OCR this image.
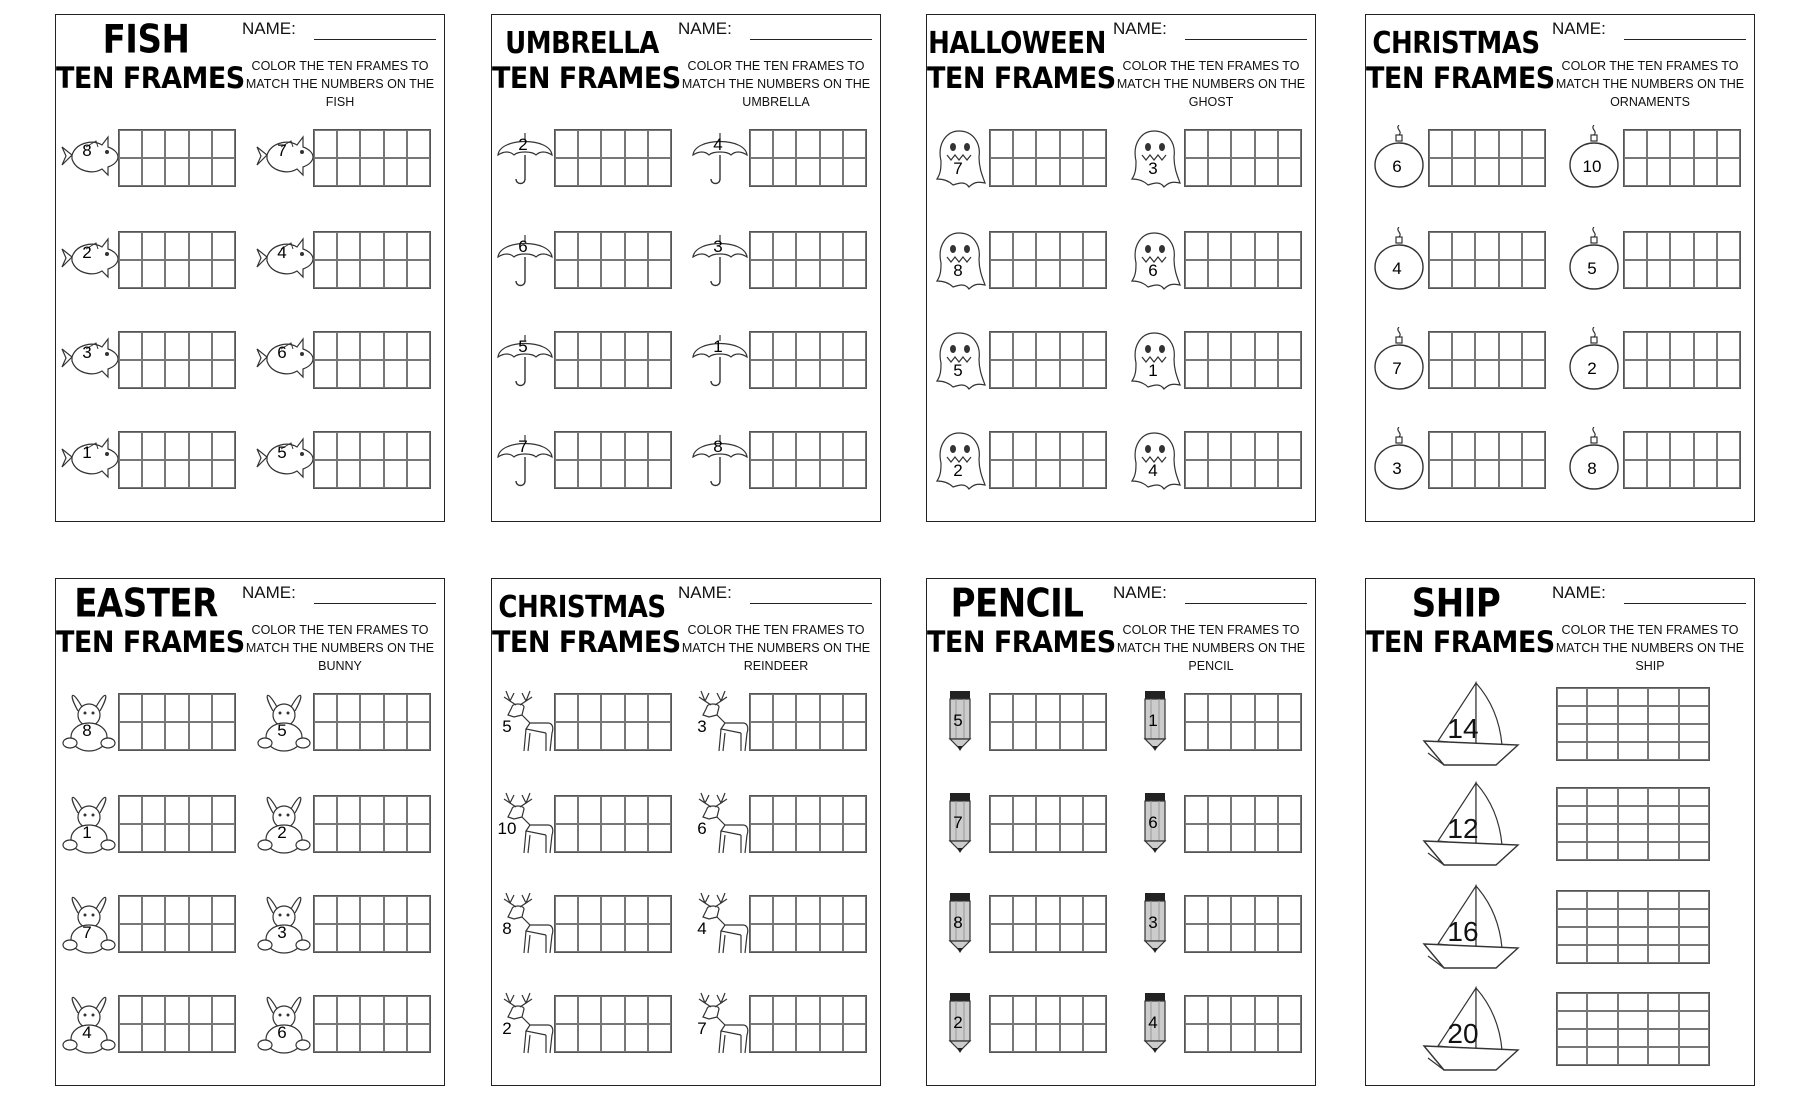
FISH
TEN FRAMES
NAME:
COLOR THE TEN FRAMES TO MATCH THE NUMBERS ON THE FISH
8	7
2	4
3	6
1	5
UMBRELLA
TEN FRAMES
NAME:
COLOR THE TEN FRAMES TO MATCH THE NUMBERS ON THE UMBRELLA
2	4
6	3
5	1
7	8
HALLOWEEN
TEN FRAMES
NAME:
COLOR THE TEN FRAMES TO MATCH THE NUMBERS ON THE GHOST
7	3
8	6
5	1
2	4
CHRISTMAS
TEN FRAMES
NAME:
COLOR THE TEN FRAMES TO MATCH THE NUMBERS ON THE ORNAMENTS
6	10
4	5
7	2
3	8
EASTER
TEN FRAMES
NAME:
COLOR THE TEN FRAMES TO MATCH THE NUMBERS ON THE BUNNY
8	5
1	2
7	3
4	6
CHRISTMAS
TEN FRAMES
NAME:
COLOR THE TEN FRAMES TO MATCH THE NUMBERS ON THE REINDEER
5	3
10	6
8	4
2	7
PENCIL
TEN FRAMES
NAME:
COLOR THE TEN FRAMES TO MATCH THE NUMBERS ON THE PENCIL
5	1
7	6
8	3
2	4
SHIP
TEN FRAMES
NAME:
COLOR THE TEN FRAMES TO MATCH THE NUMBERS ON THE SHIP
14
12
16
20
